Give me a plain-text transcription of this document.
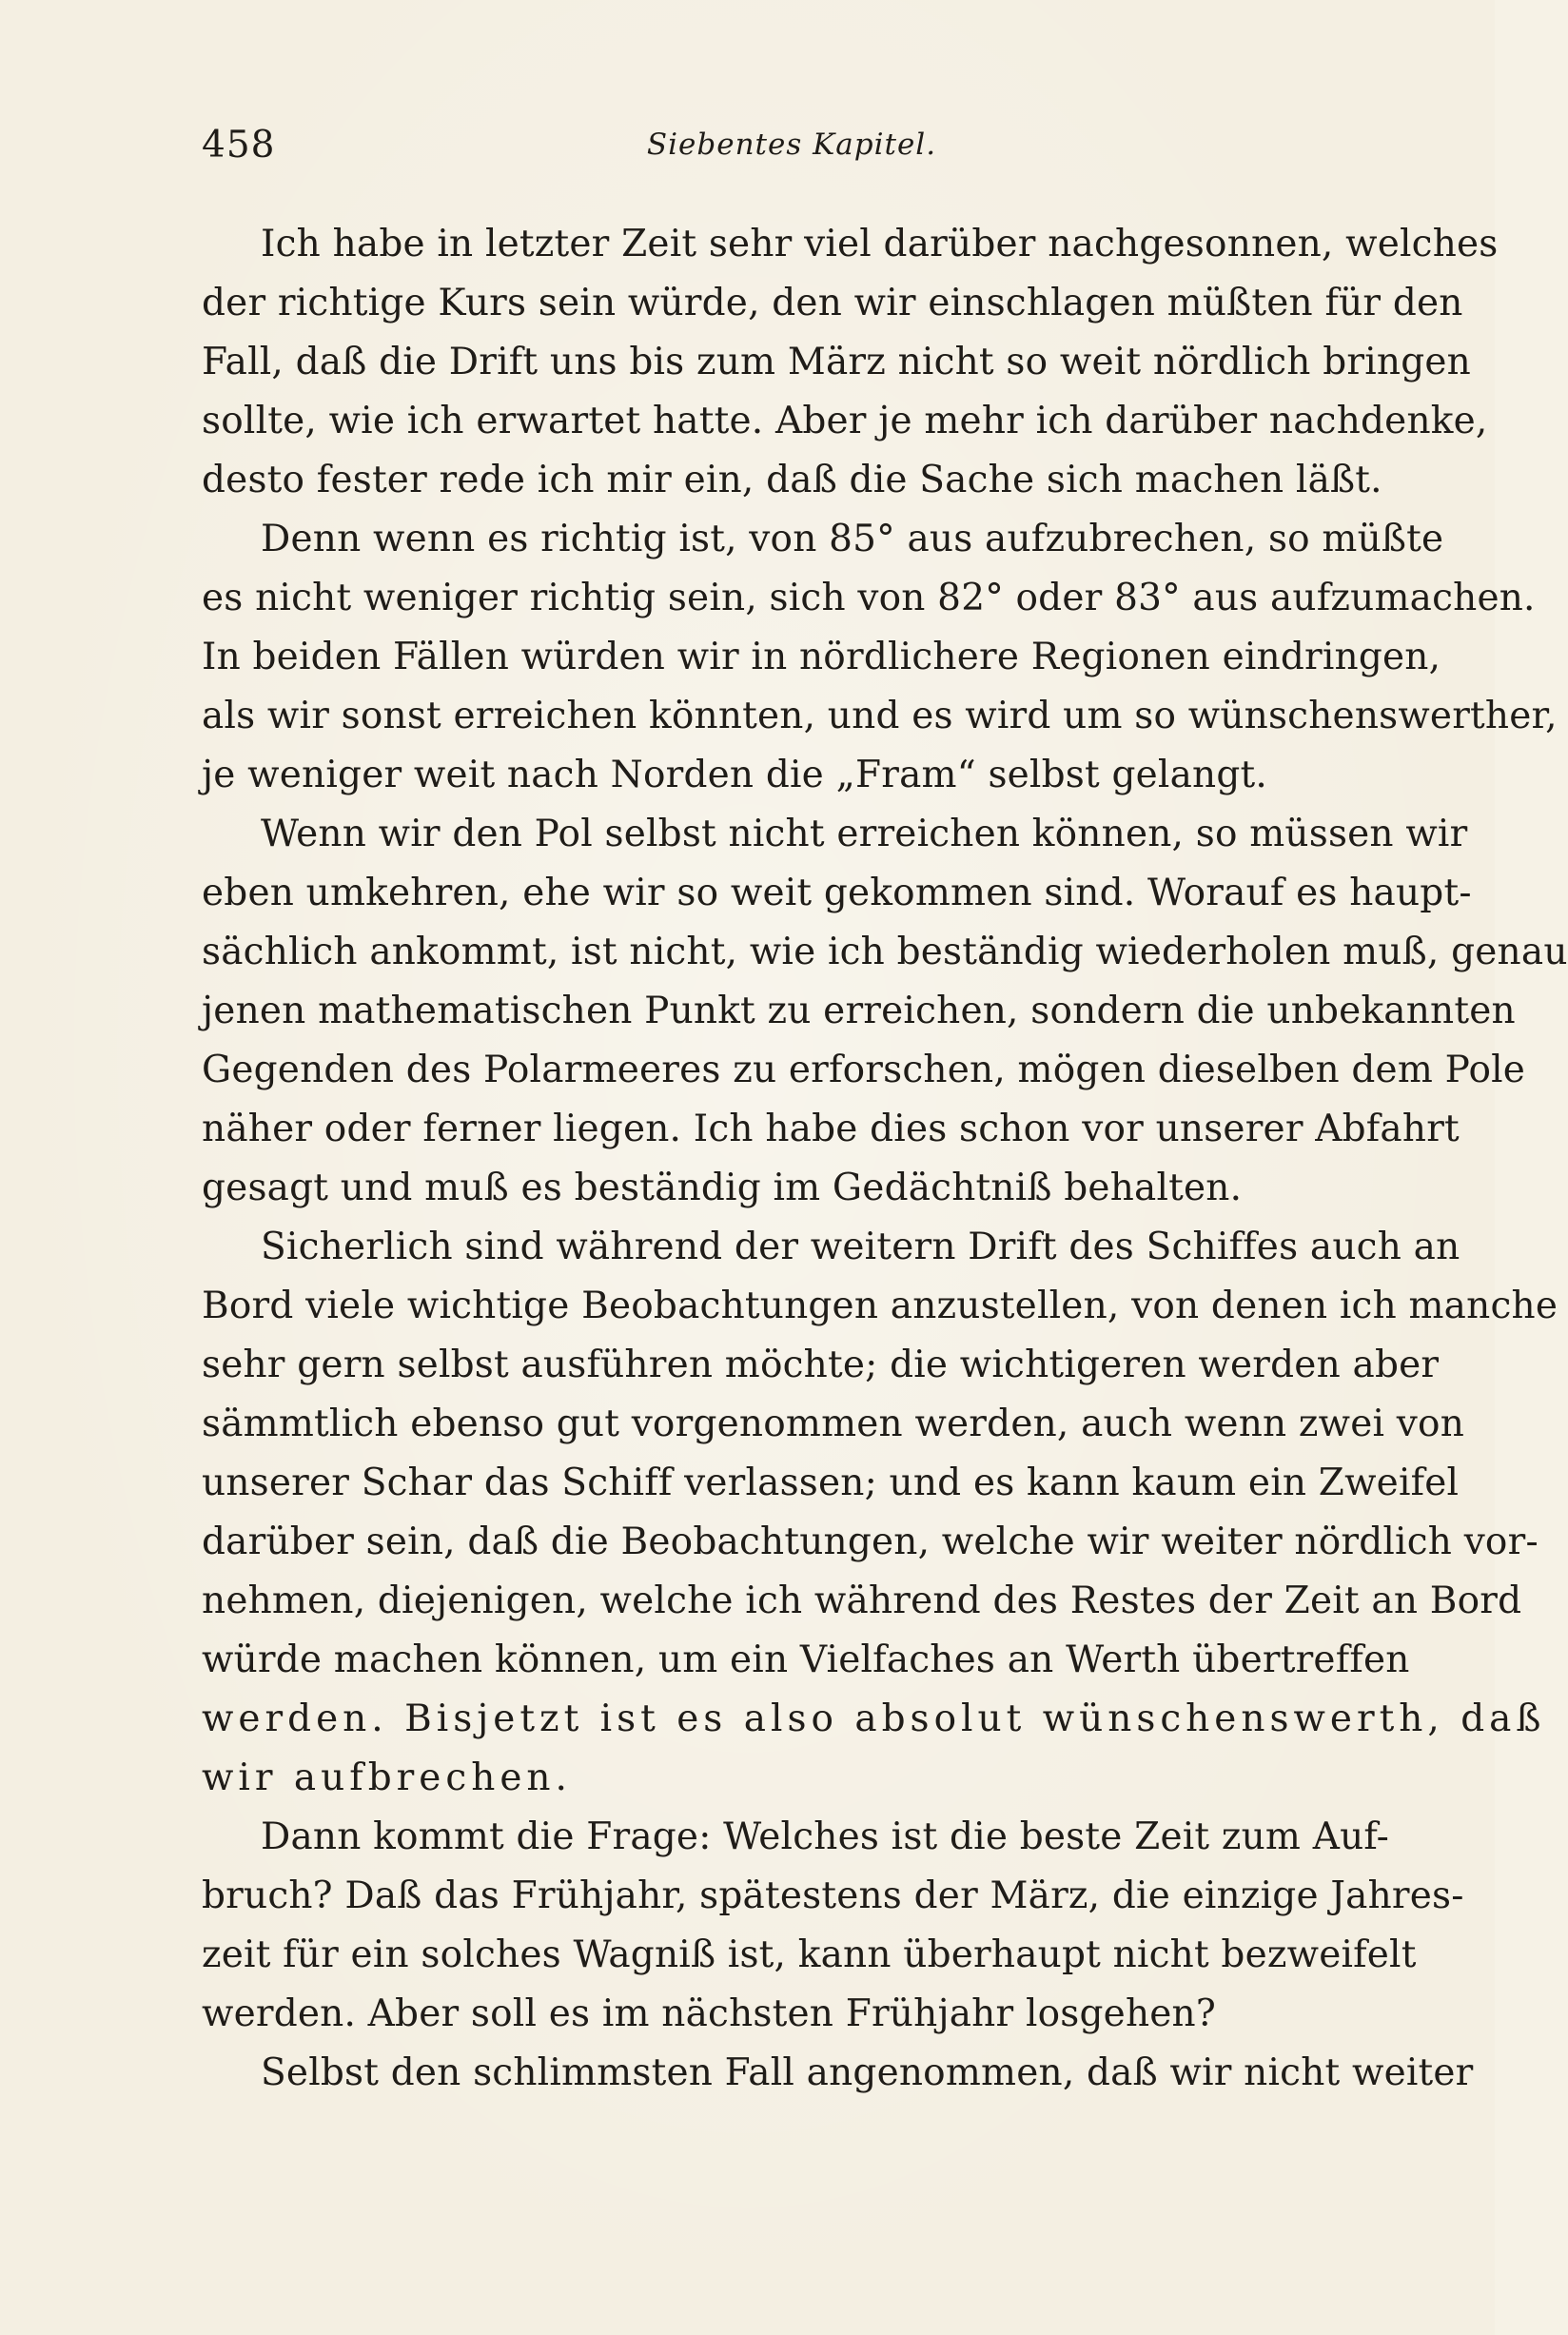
458	Siebentes Kapitel.
Ich habe in letzter Zeit sehr viel darüber nachgesonnen, welches
der richtige Kurs sein würde, den wir einschlagen müßten für den
Fall, daß die Drift uns bis zum März nicht so weit nördlich bringen
sollte, wie ich erwartet hatte. Aber je mehr ich darüber nachdenke,
desto fester rede ich mir ein, daß die Sache sich machen läßt.
Denn wenn es richtig ist, von 85° aus aufzubrechen, so müßte
es nicht weniger richtig sein, sich von 82° oder 83° aus aufzumachen.
In beiden Fällen würden wir in nördlichere Regionen eindringen,
als wir sonst erreichen könnten, und es wird um so wünschenswerther,
je weniger weit nach Norden die „Fram“ selbst gelangt.
Wenn wir den Pol selbst nicht erreichen können, so müssen wir
eben umkehren, ehe wir so weit gekommen sind. Worauf es haupt-
sächlich ankommt, ist nicht, wie ich beständig wiederholen muß, genau
jenen mathematischen Punkt zu erreichen, sondern die unbekannten
Gegenden des Polarmeeres zu erforschen, mögen dieselben dem Pole
näher oder ferner liegen. Ich habe dies schon vor unserer Abfahrt
gesagt und muß es beständig im Gedächtniß behalten.
Sicherlich sind während der weitern Drift des Schiffes auch an
Bord viele wichtige Beobachtungen anzustellen, von denen ich manche
sehr gern selbst ausführen möchte; die wichtigeren werden aber
sämmtlich ebenso gut vorgenommen werden, auch wenn zwei von
unserer Schar das Schiff verlassen; und es kann kaum ein Zweifel
darüber sein, daß die Beobachtungen, welche wir weiter nördlich vor-
nehmen, diejenigen, welche ich während des Restes der Zeit an Bord
würde machen können, um ein Vielfaches an Werth übertreffen
werden. Bisjetzt ist es also absolut wünschenswerth, daß
wir aufbrechen.
Dann kommt die Frage: Welches ist die beste Zeit zum Auf-
bruch? Daß das Frühjahr, spätestens der März, die einzige Jahres-
zeit für ein solches Wagniß ist, kann überhaupt nicht bezweifelt
werden. Aber soll es im nächsten Frühjahr losgehen?
Selbst den schlimmsten Fall angenommen, daß wir nicht weiter
